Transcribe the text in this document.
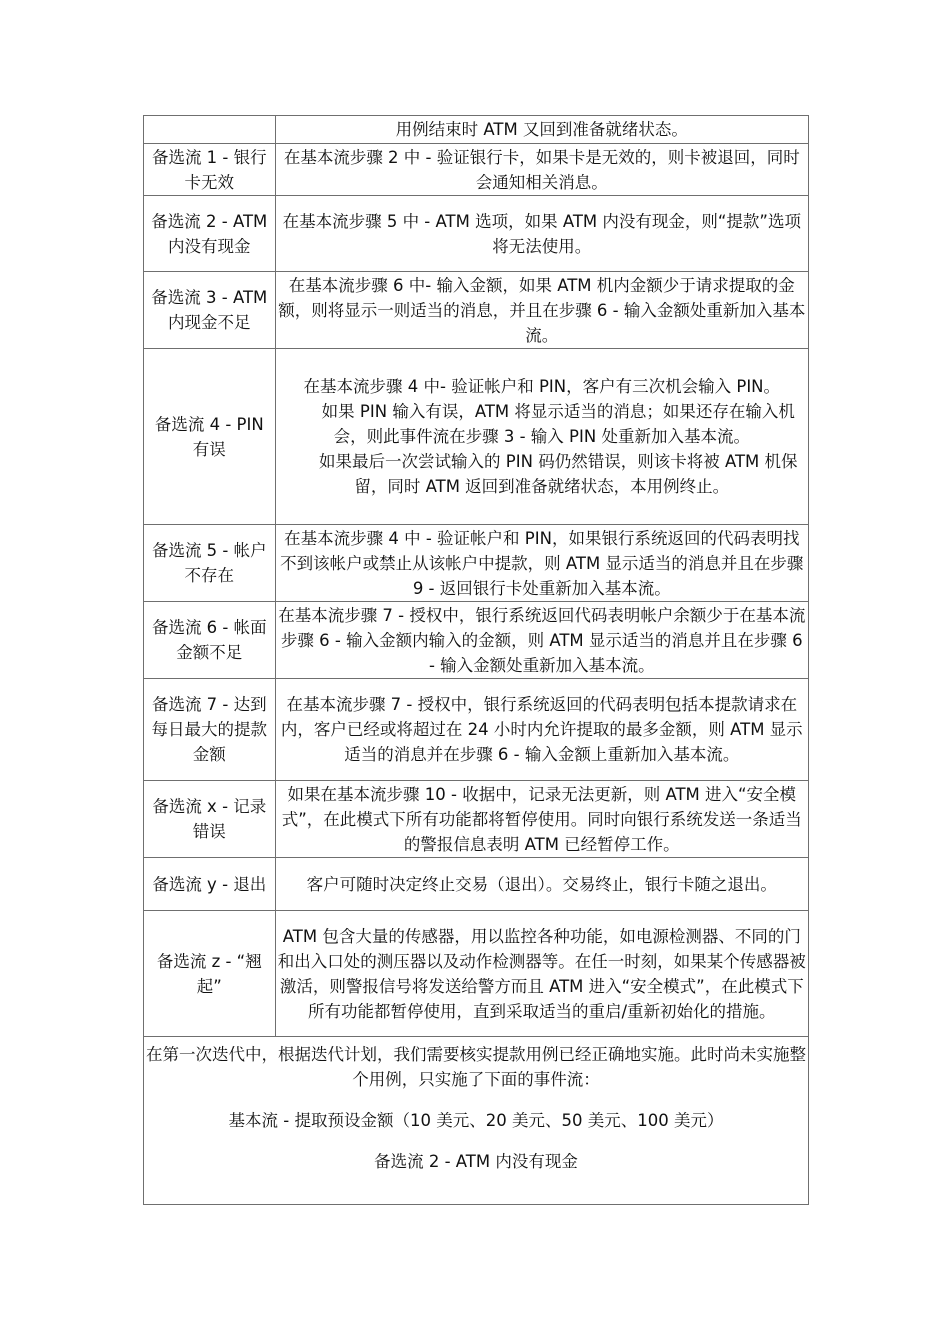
	用例结束时 ATM 又回到准备就绪状态。

备选流 1 - 银行卡无效	在基本流步骤 2 中 - 验证银行卡，如果卡是无效的，则卡被退回，同时会通知相关消息。

备选流 2 - ATM 内没有现金	在基本流步骤 5 中 - ATM 选项，如果 ATM 内没有现金，则“提款”选项将无法使用。

备选流 3 - ATM 内现金不足	在基本流步骤 6 中- 输入金额，如果 ATM 机内金额少于请求提取的金额，则将显示一则适当的消息，并且在步骤 6 - 输入金额处重新加入基本流。

备选流 4 - PIN 有误	在基本流步骤 4 中- 验证帐户和 PIN，客户有三次机会输入 PIN。

如果 PIN 输入有误，ATM 将显示适当的消息；如果还存在输入机会，则此事件流在步骤 3 - 输入 PIN 处重新加入基本流。

如果最后一次尝试输入的 PIN 码仍然错误，则该卡将被 ATM 机保留，同时 ATM 返回到准备就绪状态，本用例终止。

备选流 5 - 帐户不存在	在基本流步骤 4 中 - 验证帐户和 PIN，如果银行系统返回的代码表明找不到该帐户或禁止从该帐户中提款，则 ATM 显示适当的消息并且在步骤 9 - 返回银行卡处重新加入基本流。

备选流 6 - 帐面金额不足	在基本流步骤 7 - 授权中，银行系统返回代码表明帐户余额少于在基本流步骤 6 - 输入金额内输入的金额，则 ATM 显示适当的消息并且在步骤 6 - 输入金额处重新加入基本流。

备选流 7 - 达到每日最大的提款金额	在基本流步骤 7 - 授权中，银行系统返回的代码表明包括本提款请求在内，客户已经或将超过在 24 小时内允许提取的最多金额，则 ATM 显示适当的消息并在步骤 6 - 输入金额上重新加入基本流。

备选流 x - 记录错误	如果在基本流步骤 10 - 收据中，记录无法更新，则 ATM 进入“安全模式”，在此模式下所有功能都将暂停使用。同时向银行系统发送一条适当的警报信息表明 ATM 已经暂停工作。

备选流 y - 退出	客户可随时决定终止交易（退出）。交易终止，银行卡随之退出。

备选流 z - “翘起”	ATM 包含大量的传感器，用以监控各种功能，如电源检测器、不同的门和出入口处的测压器以及动作检测器等。在任一时刻，如果某个传感器被激活，则警报信号将发送给警方而且 ATM 进入“安全模式”，在此模式下所有功能都暂停使用，直到采取适当的重启/重新初始化的措施。

在第一次迭代中，根据迭代计划，我们需要核实提款用例已经正确地实施。此时尚未实施整个用例，只实施了下面的事件流：

基本流 - 提取预设金额（10 美元、20 美元、50 美元、100 美元）

备选流 2 - ATM 内没有现金	
